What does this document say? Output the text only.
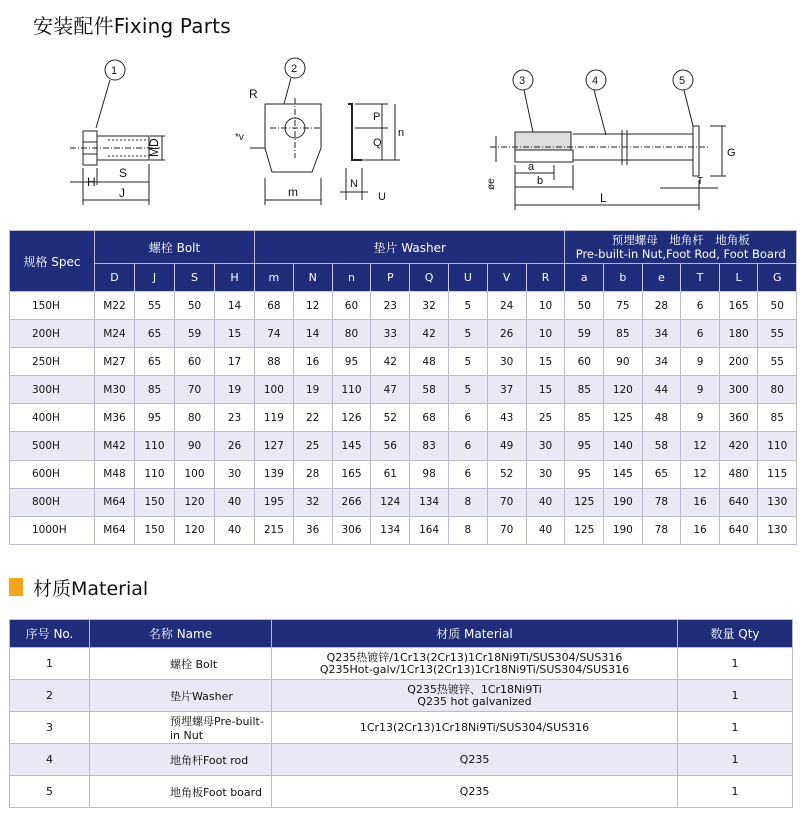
安装配件Fixing Parts
1	2
3	4	5
MD
S
H
J
R
*v
m
P
Q
n
N
U
a
b
øe
L
T
G
规格 Spec	螺栓 Bolt				垫片 Washer								预埋螺母　地角杆　地角板
Pre-built-in Nut,Foot Rod, Foot Board					

	D	J	S	H	m	N	n	P	Q	U	V	R	a	b	e	T	L	G
150H	M22	55	50	14	68	12	60	23	32	5	24	10	50	75	28	6	165	50
200H	M24	65	59	15	74	14	80	33	42	5	26	10	59	85	34	6	180	55
250H	M27	65	60	17	88	16	95	42	48	5	30	15	60	90	34	9	200	55
300H	M30	85	70	19	100	19	110	47	58	5	37	15	85	120	44	9	300	80
400H	M36	95	80	23	119	22	126	52	68	6	43	25	85	125	48	9	360	85
500H	M42	110	90	26	127	25	145	56	83	6	49	30	95	140	58	12	420	110
600H	M48	110	100	30	139	28	165	61	98	6	52	30	95	145	65	12	480	115
800H	M64	150	120	40	195	32	266	124	134	8	70	40	125	190	78	16	640	130
1000H	M64	150	120	40	215	36	306	134	164	8	70	40	125	190	78	16	640	130
材质Material
序号 No.	名称 Name	材质 Material	数量 Qty
1	螺栓 Bolt	Q235热镀锌/1Cr13(2Cr13)1Cr18Ni9Ti/SUS304/SUS316
Q235Hot-galv/1Cr13(2Cr13)1Cr18Ni9Ti/SUS304/SUS316	1
2	垫片Washer	Q235热镀锌、1Cr18Ni9Ti
Q235 hot galvanized	1
3	预埋螺母Pre-built-in Nut	1Cr13(2Cr13)1Cr18Ni9Ti/SUS304/SUS316	1
4	地角杆Foot rod	Q235	1
5	地角板Foot board	Q235	1
